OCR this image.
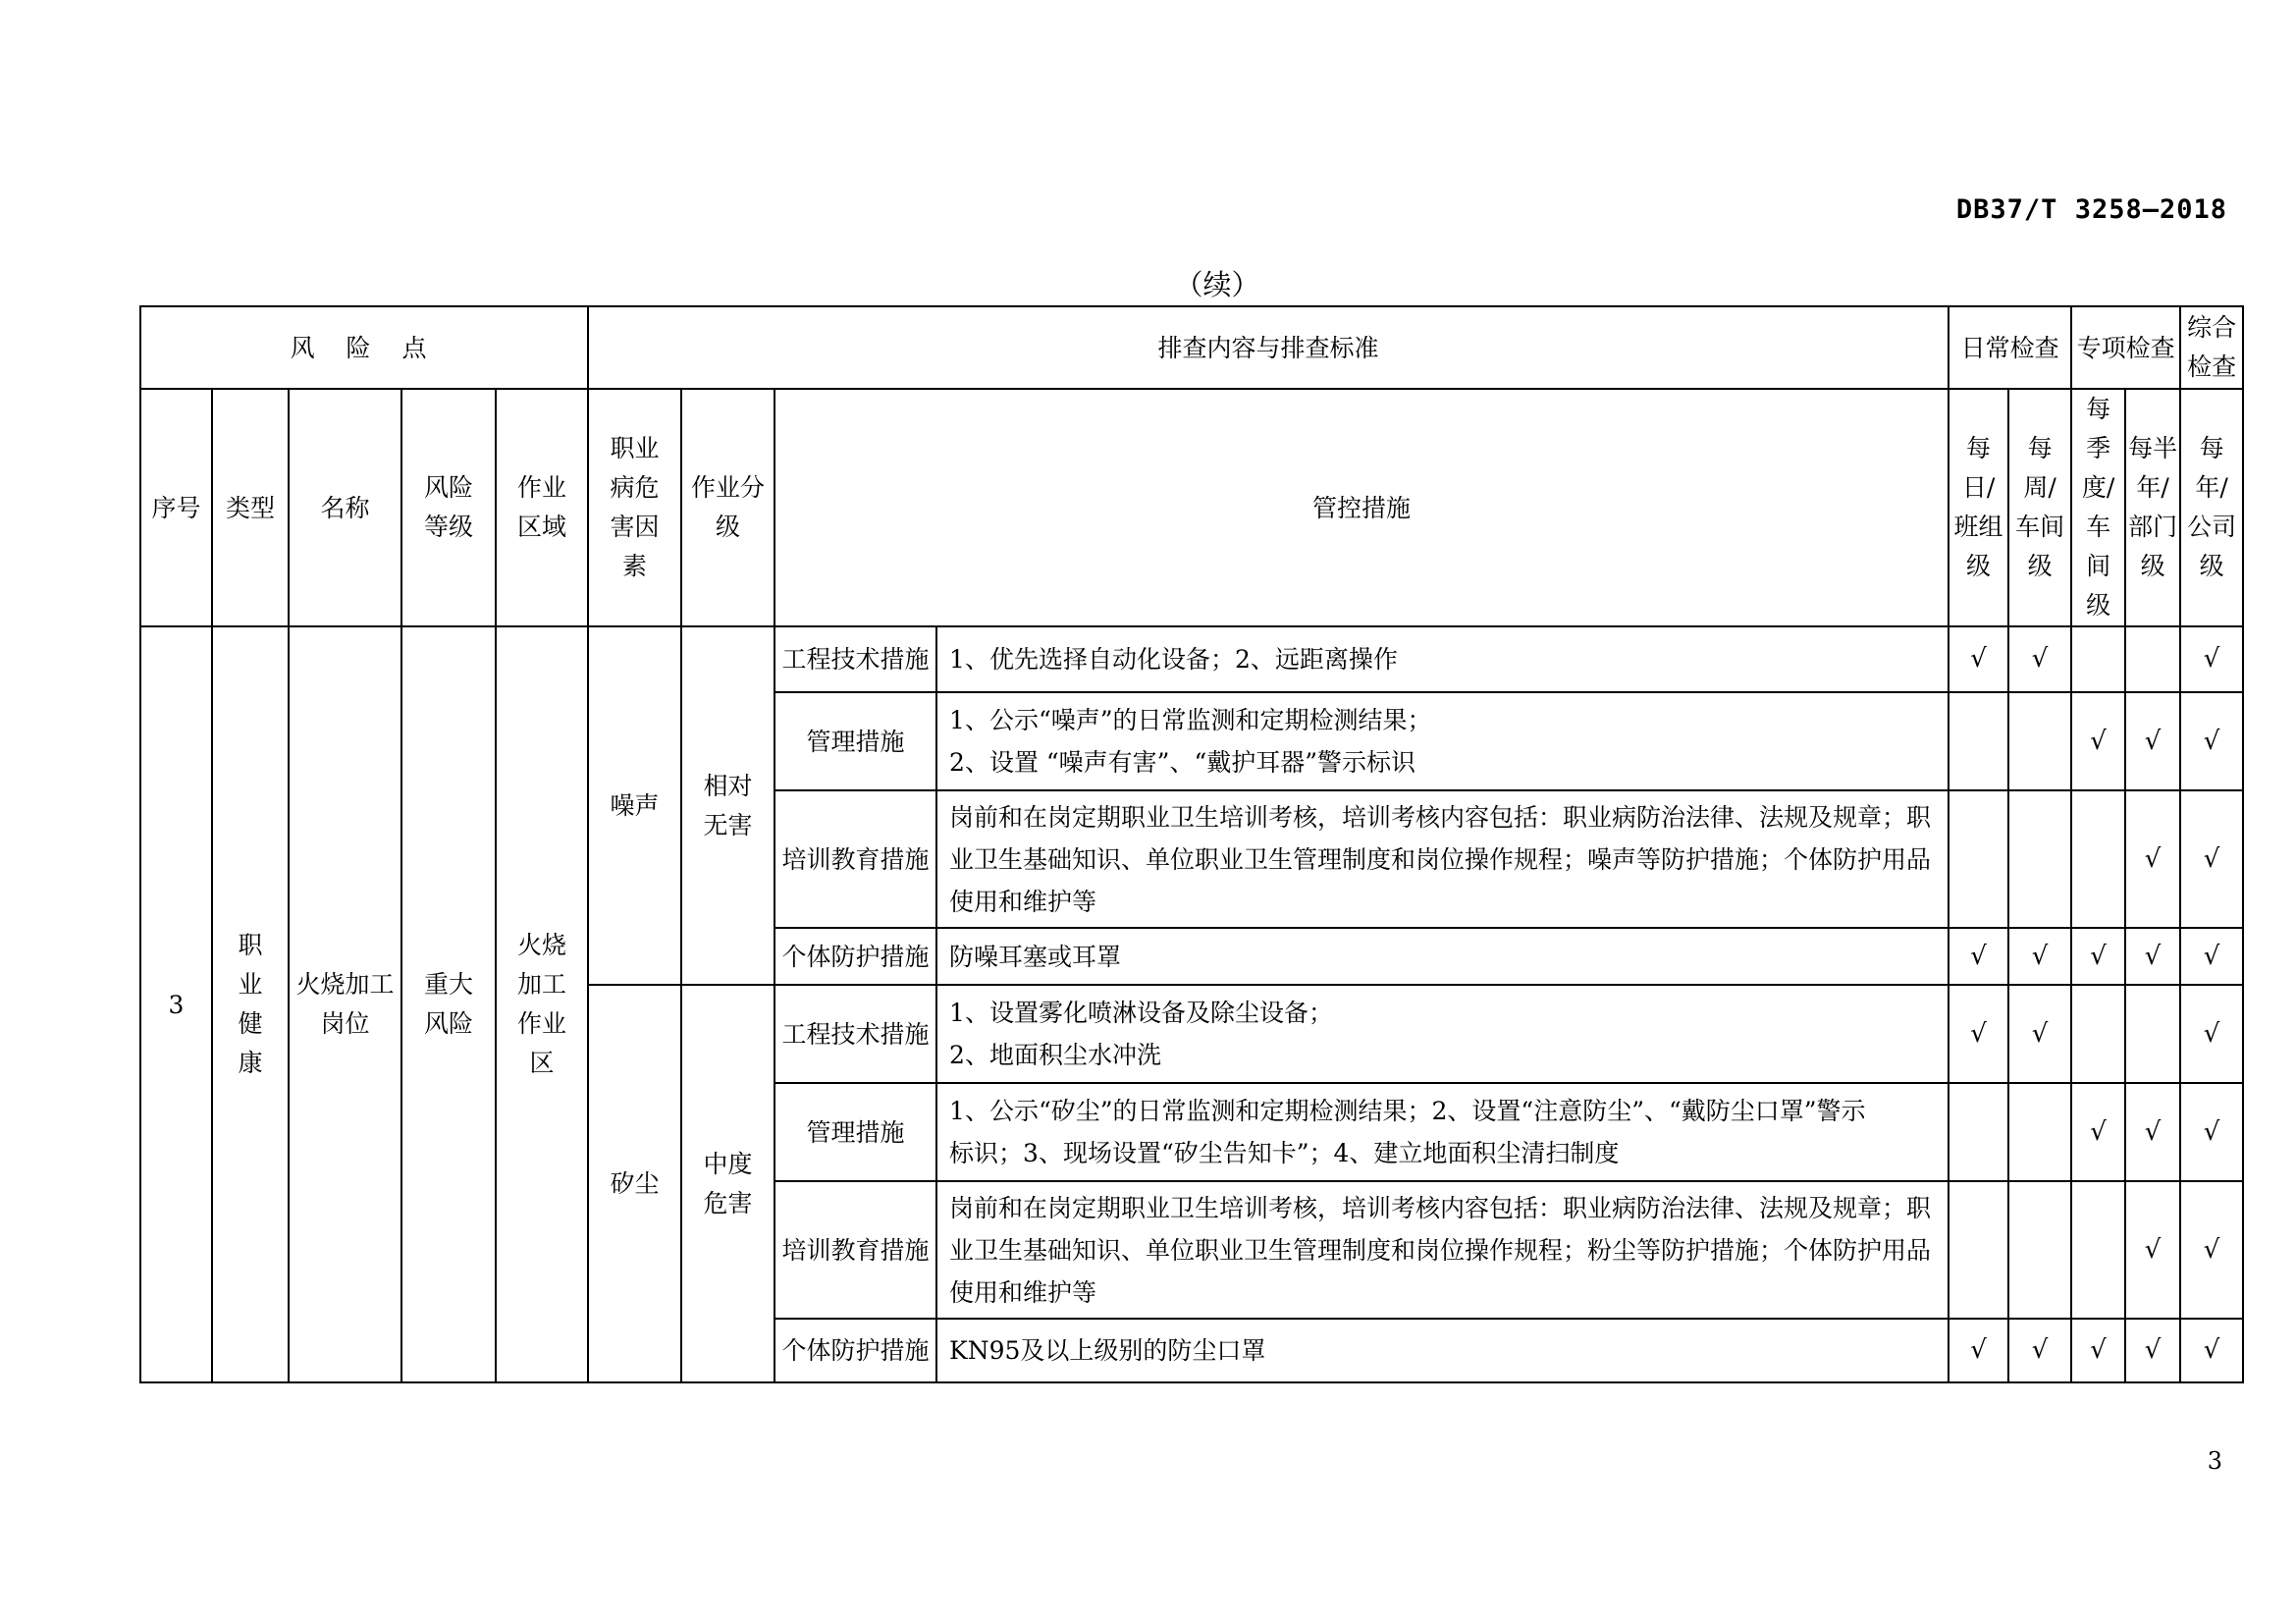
DB37/T 3258—2018
（续）
风 险 点					排查内容与排查标准				日常检查		专项检查		综合检查
序号	类型	名称	风险等级	作业区域	职业病危害因素	作业分级	管控措施		每日/班组级	每周/车间级	每季度/车间级	每半年/部门级	每年/公司级
3	职业健康	火烧加工岗位	重大风险	火烧加工作业区	噪声	相对无害	工程技术措施	1、优先选择自动化设备；2、远距离操作	√	√			√
							管理措施	1、公示“噪声”的日常监测和定期检测结果；
2、设置 “噪声有害”、“戴护耳器”警示标识			√	√	√
							培训教育措施	岗前和在岗定期职业卫生培训考核，培训考核内容包括：职业病防治法律、法规及规章；职
业卫生基础知识、单位职业卫生管理制度和岗位操作规程；噪声等防护措施；个体防护用品
使用和维护等				√	√
							个体防护措施	防噪耳塞或耳罩	√	√	√	√	√
					矽尘	中度危害	工程技术措施	1、设置雾化喷淋设备及除尘设备；
2、地面积尘水冲洗	√	√			√
							管理措施	1、公示“矽尘”的日常监测和定期检测结果；2、设置“注意防尘”、“戴防尘口罩”警示
标识；3、现场设置“矽尘告知卡”；4、建立地面积尘清扫制度			√	√	√
							培训教育措施	岗前和在岗定期职业卫生培训考核，培训考核内容包括：职业病防治法律、法规及规章；职
业卫生基础知识、单位职业卫生管理制度和岗位操作规程；粉尘等防护措施；个体防护用品
使用和维护等				√	√
							个体防护措施	KN95及以上级别的防尘口罩	√	√	√	√	√
3
